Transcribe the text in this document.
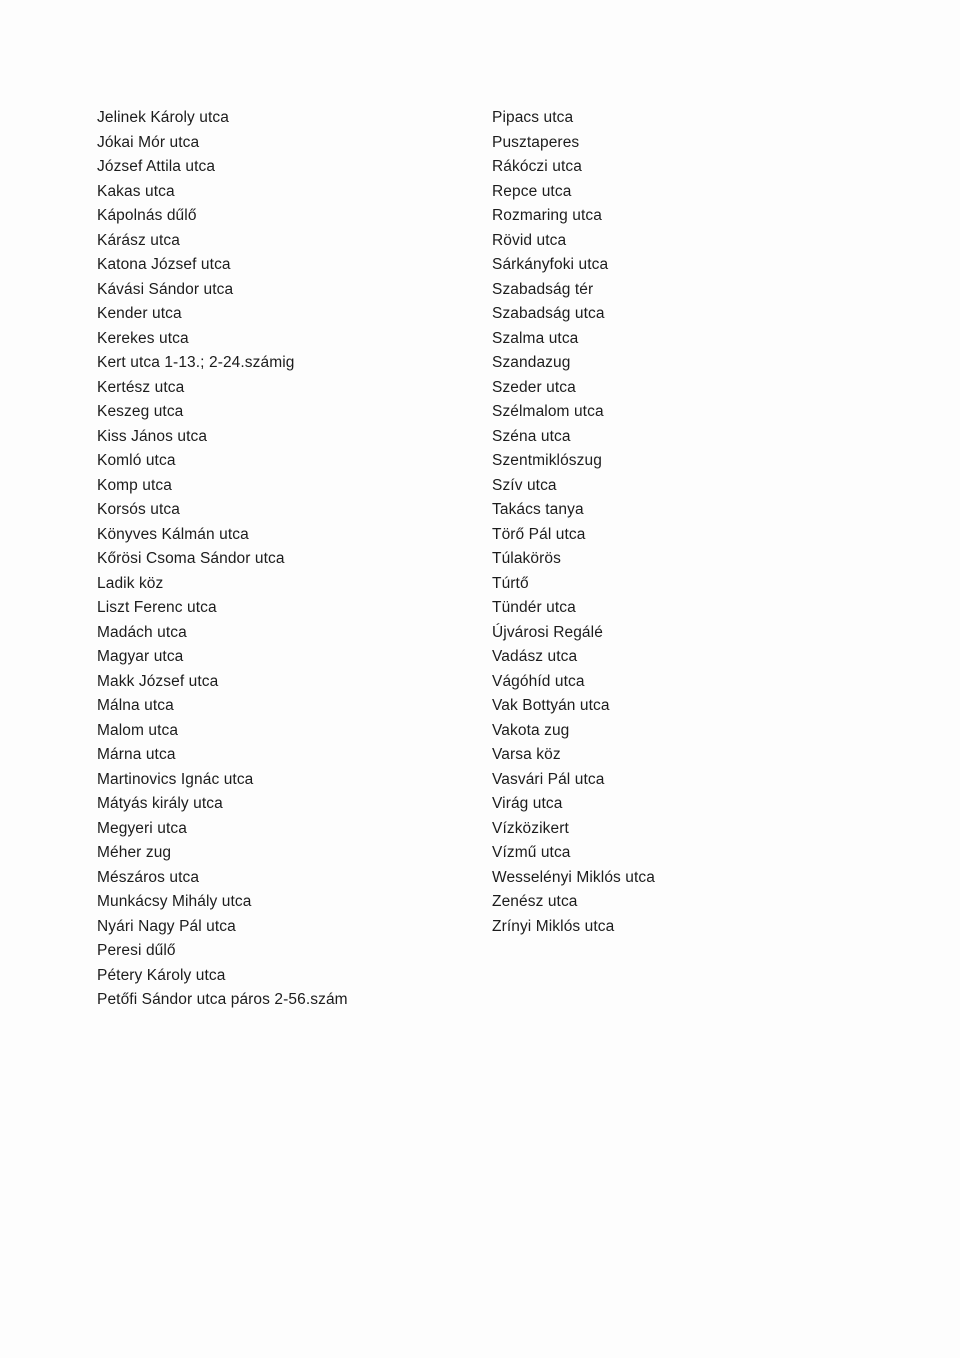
Jelinek Károly utca
Jókai Mór utca
József Attila utca
Kakas utca
Kápolnás dűlő
Kárász utca
Katona József utca
Kávási Sándor utca
Kender utca
Kerekes utca
Kert utca 1-13.; 2-24.számig
Kertész utca
Keszeg utca
Kiss János utca
Komló utca
Komp utca
Korsós utca
Könyves Kálmán utca
Kőrösi Csoma Sándor utca
Ladik köz
Liszt Ferenc utca
Madách utca
Magyar utca
Makk József utca
Málna utca
Malom utca
Márna utca
Martinovics Ignác utca
Mátyás király utca
Megyeri utca
Méher zug
Mészáros utca
Munkácsy Mihály utca
Nyári Nagy Pál utca
Peresi dűlő
Pétery Károly utca
Petőfi Sándor utca páros 2-56.szám
Pipacs utca
Pusztaperes
Rákóczi utca
Repce utca
Rozmaring utca
Rövid utca
Sárkányfoki utca
Szabadság tér
Szabadság utca
Szalma utca
Szandazug
Szeder utca
Szélmalom utca
Széna utca
Szentmiklószug
Szív utca
Takács tanya
Törő Pál utca
Túlakörös
Túrtő
Tündér utca
Újvárosi Regálé
Vadász utca
Vágóhíd utca
Vak Bottyán utca
Vakota zug
Varsa köz
Vasvári Pál utca
Virág utca
Vízközikert
Vízmű utca
Wesselényi Miklós utca
Zenész utca
Zrínyi Miklós utca
